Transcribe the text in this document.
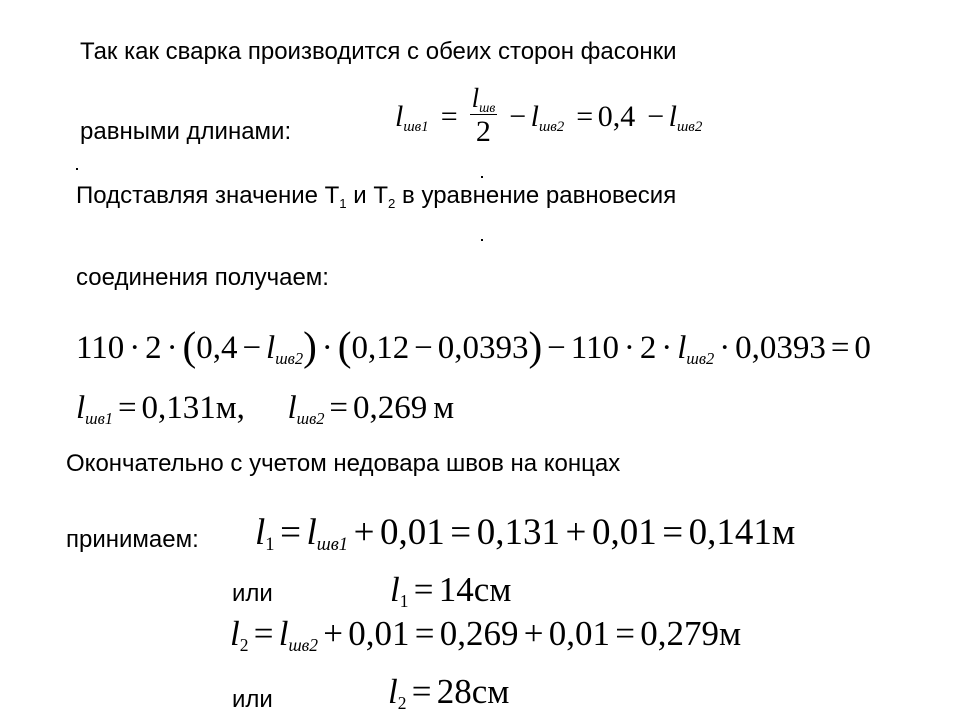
Так как сварка производится с обеих сторон фасонки
равными длинами:	$lшв1 = \frac{\text{lшв}}{2} - lшв2 = 0,4 - lшв2$
Подставляя значение Т1 и Т2 в уравнение равновесия
соединения получаем:
110 · 2 · (0,4 − lшв2) · (0,12 − 0,0393) − 110 · 2 · lшв2 · 0,0393 = 0
lшв1 = 0,131м, lшв2 = 0,269 м
Окончательно с учетом недовара швов на концах
принимаем: l1 = lшв1 + 0,01 = 0,131 + 0,01 = 0,141м
или	l1 = 14см
l2 = lшв2 + 0,01 = 0,269 + 0,01 = 0,279м
или	l2 = 28см
